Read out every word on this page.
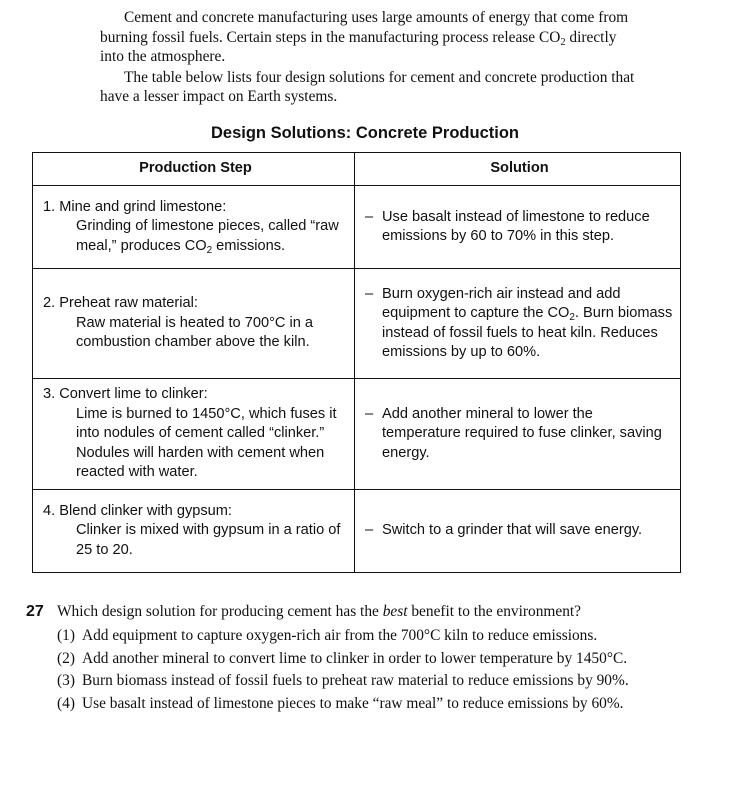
Cement and concrete manufacturing uses large amounts of energy that come from burning fossil fuels. Certain steps in the manufacturing process release $CO_2$ directly into the atmosphere.

The table below lists four design solutions for cement and concrete production that have a lesser impact on Earth systems.

Design Solutions: Concrete Production
Production Step	Solution

1. Mine and grind limestone:
Grinding of limestone pieces, called “raw meal,” produces $CO_2$ emissions.	– Use basalt instead of limestone to reduce emissions by 60 to 70% in this step.

2. Preheat raw material:
Raw material is heated to 700°C in a combustion chamber above the kiln.	– Burn oxygen-rich air instead and add equipment to capture the $CO_2$. Burn biomass instead of fossil fuels to heat kiln. Reduces emissions by up to 60%.

3. Convert lime to clinker:
Lime is burned to 1450°C, which fuses it into nodules of cement called “clinker.” Nodules will harden with cement when reacted with water.	– Add another mineral to lower the temperature required to fuse clinker, saving energy.

4. Blend clinker with gypsum:
Clinker is mixed with gypsum in a ratio of 25 to 20.	– Switch to a grinder that will save energy.
27 Which design solution for producing cement has the best benefit to the environment?
(1) Add equipment to capture oxygen-rich air from the 700°C kiln to reduce emissions.
(2) Add another mineral to convert lime to clinker in order to lower temperature by 1450°C.
(3) Burn biomass instead of fossil fuels to preheat raw material to reduce emissions by 90%.
(4) Use basalt instead of limestone pieces to make “raw meal” to reduce emissions by 60%.
